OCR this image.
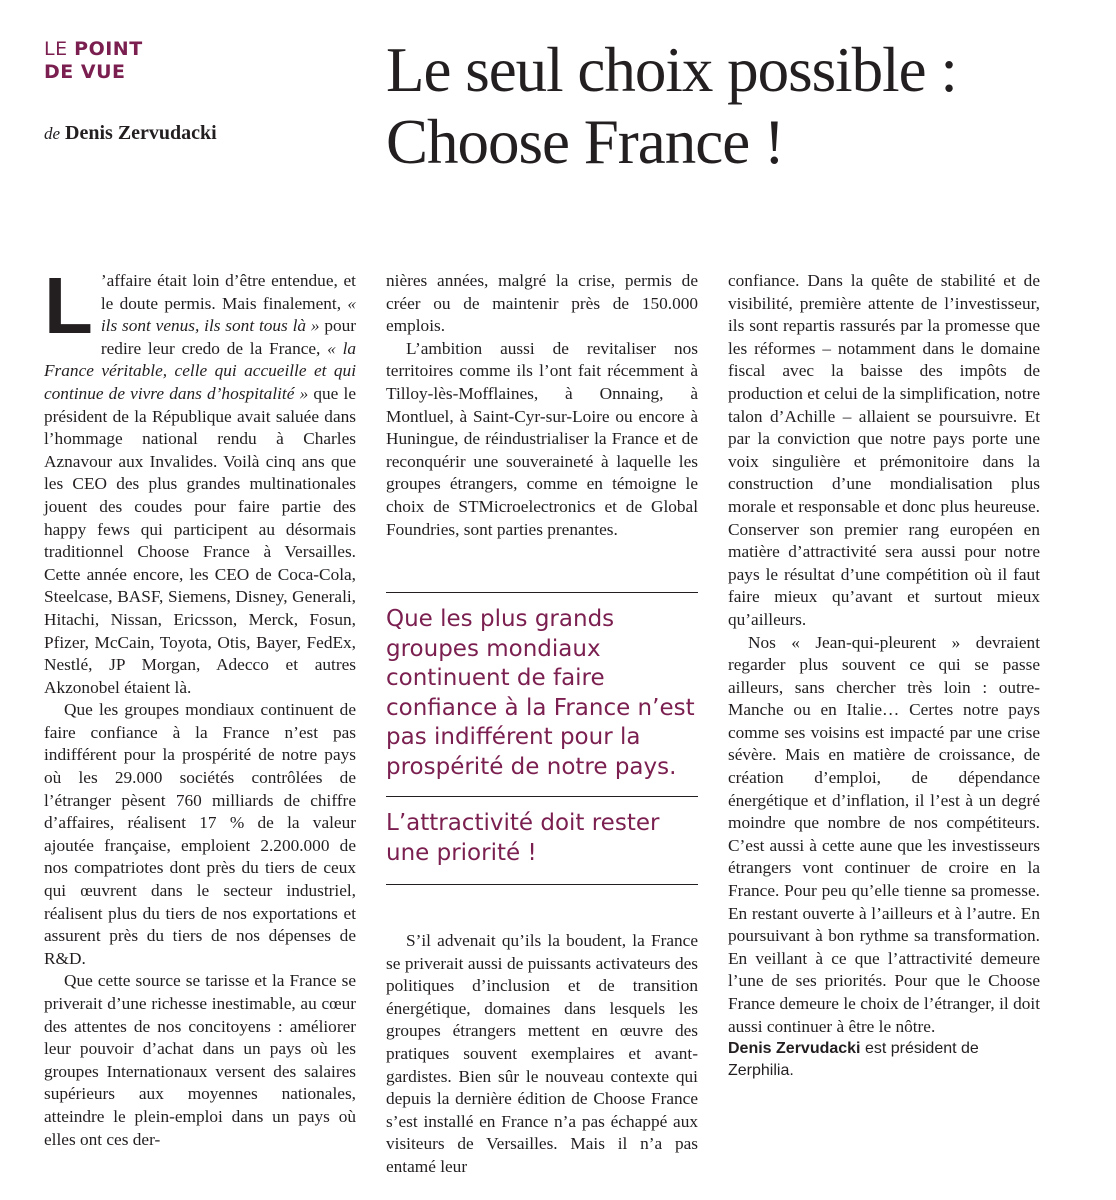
LE POINT
DE VUE
de Denis Zervudacki
Le seul choix possible :
Choose France !

L ’affaire était loin d’être entendue, et le doute permis. Mais finalement, « ils sont venus, ils sont tous là » pour redire leur credo de la France, « la France véritable, celle qui accueille et qui continue de vivre dans d’hospitalité » que le président de la République avait saluée dans l’hommage national rendu à Charles Aznavour aux Invalides. Voilà cinq ans que les CEO des plus grandes multinationales jouent des coudes pour faire partie des happy fews qui participent au désormais traditionnel Choose France à Versailles. Cette année encore, les CEO de Coca-Cola, Steelcase, BASF, Siemens, Disney, Generali, Hitachi, Nissan, Ericsson, Merck, Fosun, Pfizer, McCain, Toyota, Otis, Bayer, FedEx, Nestlé, JP Morgan, Adecco et autres Akzonobel étaient là.

Que les groupes mondiaux continuent de faire confiance à la France n’est pas indifférent pour la prospérité de notre pays où les 29.000 sociétés contrôlées de l’étranger pèsent 760 milliards de chiffre d’affaires, réalisent 17 % de la valeur ajoutée française, emploient 2.200.000 de nos compatriotes dont près du tiers de ceux qui œuvrent dans le secteur industriel, réalisent plus du tiers de nos exportations et assurent près du tiers de nos dépenses de R&D.

Que cette source se tarisse et la France se priverait d’une richesse inestimable, au cœur des attentes de nos concitoyens : améliorer leur pouvoir d’achat dans un pays où les groupes Internationaux versent des salaires supérieurs aux moyennes nationales, atteindre le plein-emploi dans un pays où elles ont ces der-

nières années, malgré la crise, permis de créer ou de maintenir près de 150.000 emplois.

L’ambition aussi de revitaliser nos territoires comme ils l’ont fait récemment à Tilloy-lès-Mofflaines, à Onnaing, à Montluel, à Saint-Cyr-sur-Loire ou encore à Huningue, de réindustrialiser la France et de reconquérir une souveraineté à laquelle les groupes étrangers, comme en témoigne le choix de STMicroelectronics et de Global Foundries, sont parties prenantes.

Que les plus grands groupes mondiaux continuent de faire confiance à la France n’est pas indifférent pour la prospérité de notre pays.
L’attractivité doit rester une priorité !

S’il advenait qu’ils la boudent, la France se priverait aussi de puissants activateurs des politiques d’inclusion et de transition énergétique, domaines dans lesquels les groupes étrangers mettent en œuvre des pratiques souvent exemplaires et avant-gardistes. Bien sûr le nouveau contexte qui depuis la dernière édition de Choose France s’est installé en France n’a pas échappé aux visiteurs de Versailles. Mais il n’a pas entamé leur

confiance. Dans la quête de stabilité et de visibilité, première attente de l’investisseur, ils sont repartis rassurés par la promesse que les réformes – notamment dans le domaine fiscal avec la baisse des impôts de production et celui de la simplification, notre talon d’Achille – allaient se poursuivre. Et par la conviction que notre pays porte une voix singulière et prémonitoire dans la construction d’une mondialisation plus morale et responsable et donc plus heureuse. Conserver son premier rang européen en matière d’attractivité sera aussi pour notre pays le résultat d’une compétition où il faut faire mieux qu’avant et surtout mieux qu’ailleurs.

Nos « Jean-qui-pleurent » devraient regarder plus souvent ce qui se passe ailleurs, sans chercher très loin : outre-Manche ou en Italie… Certes notre pays comme ses voisins est impacté par une crise sévère. Mais en matière de croissance, de création d’emploi, de dépendance énergétique et d’inflation, il l’est à un degré moindre que nombre de nos compétiteurs. C’est aussi à cette aune que les investisseurs étrangers vont continuer de croire en la France. Pour peu qu’elle tienne sa promesse. En restant ouverte à l’ailleurs et à l’autre. En poursuivant à bon rythme sa transformation. En veillant à ce que l’attractivité demeure l’une de ses priorités. Pour que le Choose France demeure le choix de l’étranger, il doit aussi continuer à être le nôtre.

Denis Zervudacki est président de Zerphilia.
